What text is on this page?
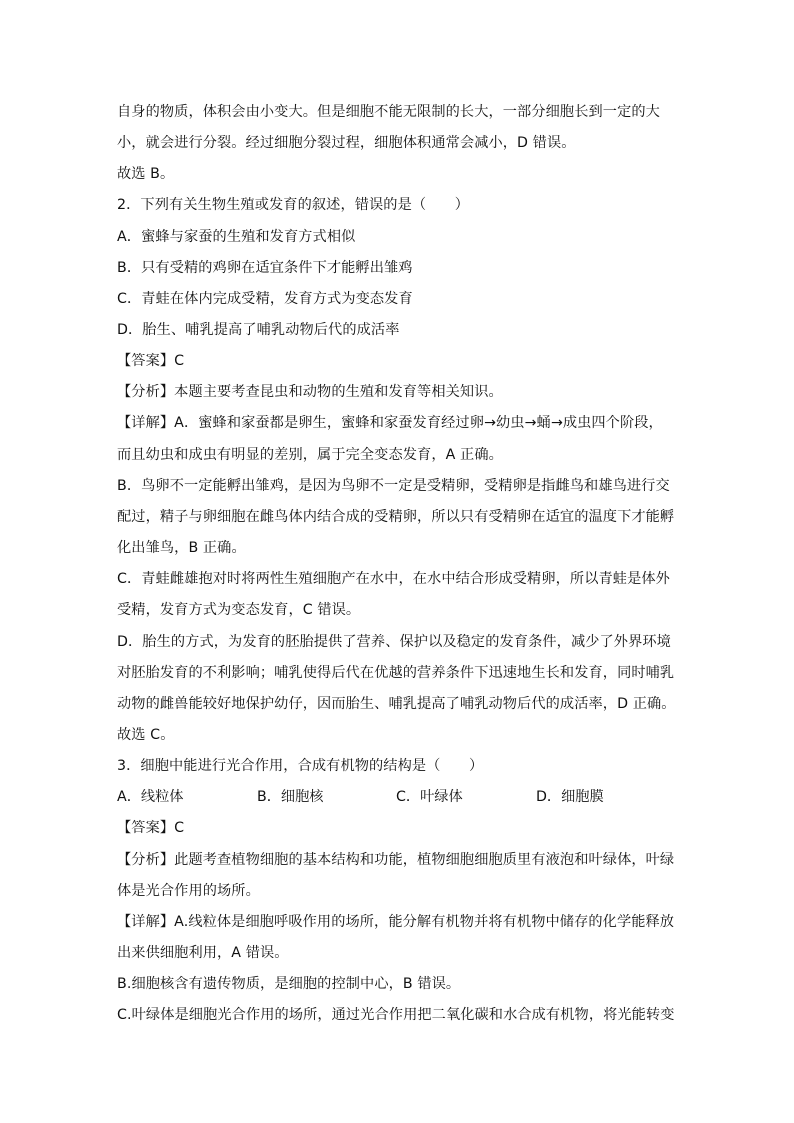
自身的物质，体积会由小变大。但是细胞不能无限制的长大，一部分细胞长到一定的大
小，就会进行分裂。经过细胞分裂过程，细胞体积通常会减小，D 错误。
故选 B。
2．下列有关生物生殖或发育的叙述，错误的是（　　）
A．蜜蜂与家蚕的生殖和发育方式相似
B．只有受精的鸡卵在适宜条件下才能孵出雏鸡
C．青蛙在体内完成受精，发育方式为变态发育
D．胎生、哺乳提高了哺乳动物后代的成活率
【答案】C
【分析】本题主要考查昆虫和动物的生殖和发育等相关知识。
【详解】A．蜜蜂和家蚕都是卵生，蜜蜂和家蚕发育经过卵→幼虫→蛹→成虫四个阶段，
而且幼虫和成虫有明显的差别，属于完全变态发育，A 正确。
B．鸟卵不一定能孵出雏鸡，是因为鸟卵不一定是受精卵，受精卵是指雌鸟和雄鸟进行交
配过，精子与卵细胞在雌鸟体内结合成的受精卵，所以只有受精卵在适宜的温度下才能孵
化出雏鸟，B 正确。
C．青蛙雌雄抱对时将两性生殖细胞产在水中，在水中结合形成受精卵，所以青蛙是体外
受精，发育方式为变态发育，C 错误。
D．胎生的方式，为发育的胚胎提供了营养、保护以及稳定的发育条件，减少了外界环境
对胚胎发育的不利影响；哺乳使得后代在优越的营养条件下迅速地生长和发育，同时哺乳
动物的雌兽能较好地保护幼仔，因而胎生、哺乳提高了哺乳动物后代的成活率，D 正确。
故选 C。
3．细胞中能进行光合作用，合成有机物的结构是（　　）
A．线粒体	B．细胞核	C．叶绿体	D．细胞膜
【答案】C
【分析】此题考查植物细胞的基本结构和功能，植物细胞细胞质里有液泡和叶绿体，叶绿
体是光合作用的场所。
【详解】A.线粒体是细胞呼吸作用的场所，能分解有机物并将有机物中储存的化学能释放
出来供细胞利用，A 错误。
B.细胞核含有遗传物质，是细胞的控制中心，B 错误。
C.叶绿体是细胞光合作用的场所，通过光合作用把二氧化碳和水合成有机物，将光能转变
